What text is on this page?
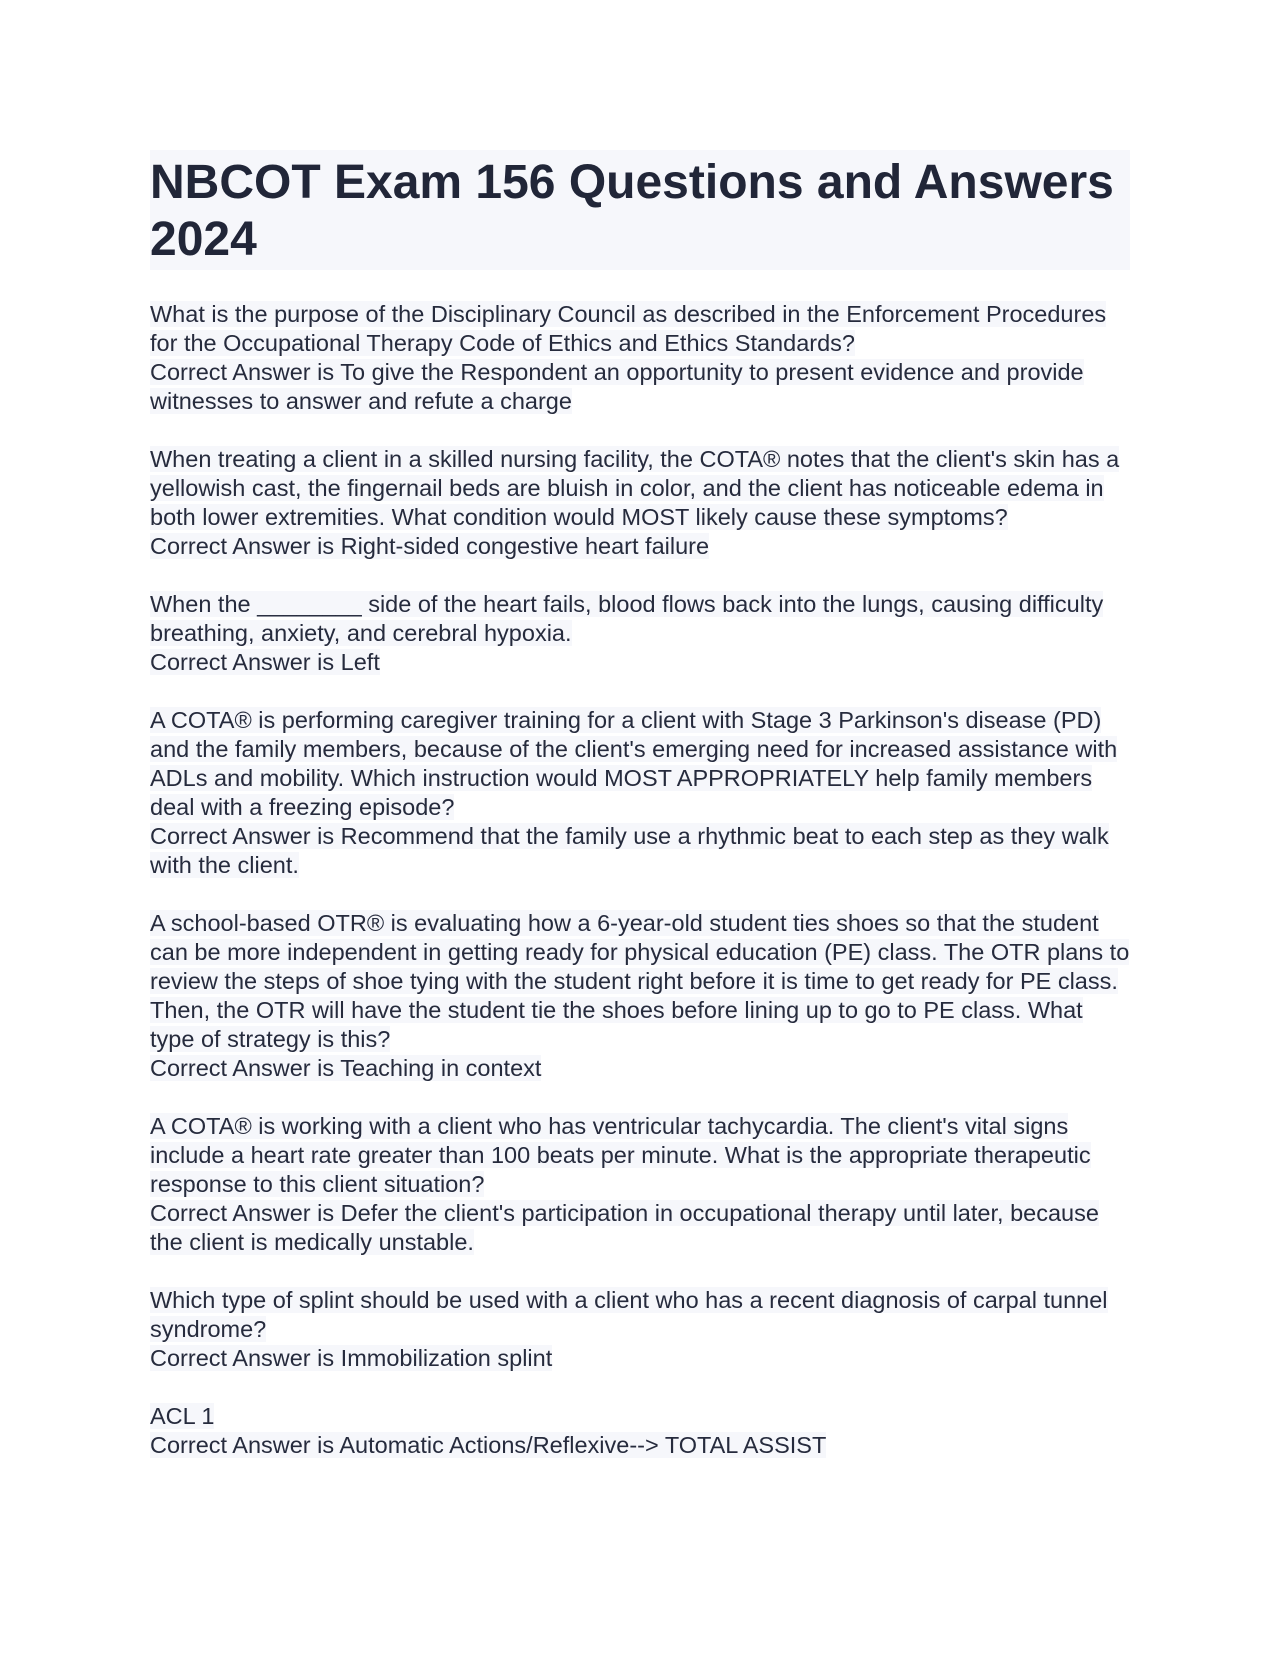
NBCOT Exam 156 Questions and Answers 2024
What is the purpose of the Disciplinary Council as described in the Enforcement Procedures for the Occupational Therapy Code of Ethics and Ethics Standards?
Correct Answer is To give the Respondent an opportunity to present evidence and provide witnesses to answer and refute a charge
When treating a client in a skilled nursing facility, the COTA® notes that the client's skin has a yellowish cast, the fingernail beds are bluish in color, and the client has noticeable edema in both lower extremities. What condition would MOST likely cause these symptoms?
Correct Answer is Right-sided congestive heart failure
When the ________ side of the heart fails, blood flows back into the lungs, causing difficulty breathing, anxiety, and cerebral hypoxia.
Correct Answer is Left
A COTA® is performing caregiver training for a client with Stage 3 Parkinson's disease (PD) and the family members, because of the client's emerging need for increased assistance with ADLs and mobility. Which instruction would MOST APPROPRIATELY help family members deal with a freezing episode?
Correct Answer is Recommend that the family use a rhythmic beat to each step as they walk with the client.
A school-based OTR® is evaluating how a 6-year-old student ties shoes so that the student can be more independent in getting ready for physical education (PE) class. The OTR plans to review the steps of shoe tying with the student right before it is time to get ready for PE class. Then, the OTR will have the student tie the shoes before lining up to go to PE class. What type of strategy is this?
Correct Answer is Teaching in context
A COTA® is working with a client who has ventricular tachycardia. The client's vital signs include a heart rate greater than 100 beats per minute. What is the appropriate therapeutic response to this client situation?
Correct Answer is Defer the client's participation in occupational therapy until later, because the client is medically unstable.
Which type of splint should be used with a client who has a recent diagnosis of carpal tunnel syndrome?
Correct Answer is Immobilization splint
ACL 1
Correct Answer is Automatic Actions/Reflexive--> TOTAL ASSIST
